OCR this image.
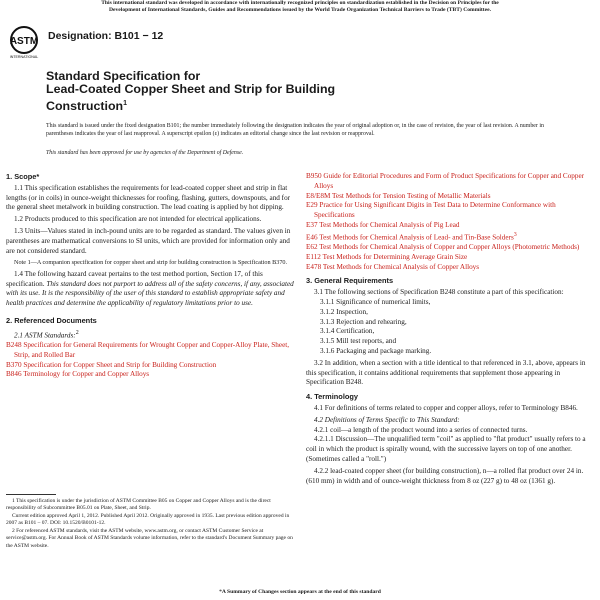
This international standard was developed in accordance with internationally recognized principles on standardization established in the Decision on Principles for the
Development of International Standards, Guides and Recommendations issued by the World Trade Organization Technical Barriers to Trade (TBT) Committee.
ASTM
INTERNATIONAL
Designation: B101 − 12
Standard Specification for
Lead-Coated Copper Sheet and Strip for Building
Construction$^1$
This standard is issued under the fixed designation B101; the number immediately following the designation indicates the year of original adoption or, in the case of revision, the year of last revision. A number in parentheses indicates the year of last reapproval. A superscript epsilon (ε) indicates an editorial change since the last revision or reapproval.
This standard has been approved for use by agencies of the Department of Defense.

1. Scope*

1.1 This specification establishes the requirements for lead-coated copper sheet and strip in flat lengths (or in coils) in ounce-weight thicknesses for roofing, flashing, gutters, downspouts, and for the general sheet metalwork in building construction. The lead coating is applied by hot dipping.

1.2 Products produced to this specification are not intended for electrical applications.

1.3 Units—Values stated in inch-pound units are to be regarded as standard. The values given in parentheses are mathematical conversions to SI units, which are provided for information only and are not considered standard.

Note 1—A companion specification for copper sheet and strip for building construction is Specification B370.

1.4 The following hazard caveat pertains to the test method portion, Section 17, of this specification. This standard does not purport to address all of the safety concerns, if any, associated with its use. It is the responsibility of the user of this standard to establish appropriate safety and health practices and determine the applicability of regulatory limitations prior to use.

2. Referenced Documents

2.1 ASTM Standards:$^2$

B248 Specification for General Requirements for Wrought Copper and Copper-Alloy Plate, Sheet, Strip, and Rolled Bar

B370 Specification for Copper Sheet and Strip for Building Construction

B846 Terminology for Copper and Copper Alloys

1 This specification is under the jurisdiction of ASTM Committee B05 on Copper and Copper Alloys and is the direct responsibility of Subcommittee B05.01 on Plate, Sheet, and Strip.

Current edition approved April 1, 2012. Published April 2012. Originally approved in 1935. Last previous edition approved in 2007 as B101 – 07. DOI: 10.1520/B0101-12.

2 For referenced ASTM standards, visit the ASTM website, www.astm.org, or contact ASTM Customer Service at service@astm.org. For Annual Book of ASTM Standards volume information, refer to the standard's Document Summary page on the ASTM website.

B950 Guide for Editorial Procedures and Form of Product Specifications for Copper and Copper Alloys

E8/E8M Test Methods for Tension Testing of Metallic Materials

E29 Practice for Using Significant Digits in Test Data to Determine Conformance with Specifications

E37 Test Methods for Chemical Analysis of Pig Lead

E46 Test Methods for Chemical Analysis of Lead- and Tin-Base Solders$^3$

E62 Test Methods for Chemical Analysis of Copper and Copper Alloys (Photometric Methods)

E112 Test Methods for Determining Average Grain Size

E478 Test Methods for Chemical Analysis of Copper Alloys

3. General Requirements

3.1 The following sections of Specification B248 constitute a part of this specification:

3.1.1 Significance of numerical limits,

3.1.2 Inspection,

3.1.3 Rejection and rehearing,

3.1.4 Certification,

3.1.5 Mill test reports, and

3.1.6 Packaging and package marking.

3.2 In addition, when a section with a title identical to that referenced in 3.1, above, appears in this specification, it contains additional requirements that supplement those appearing in Specification B248.

4. Terminology

4.1 For definitions of terms related to copper and copper alloys, refer to Terminology B846.

4.2 Definitions of Terms Specific to This Standard:

4.2.1 coil—a length of the product wound into a series of connected turns.

4.2.1.1 Discussion—The unqualified term "coil" as applied to "flat product" usually refers to a coil in which the product is spirally wound, with the successive layers on top of one another. (Sometimes called a "roll.")

4.2.2 lead-coated copper sheet (for building construction), n—a rolled flat product over 24 in. (610 mm) in width and of ounce-weight thickness from 8 oz (227 g) to 48 oz (1361 g).

*A Summary of Changes section appears at the end of this standard
